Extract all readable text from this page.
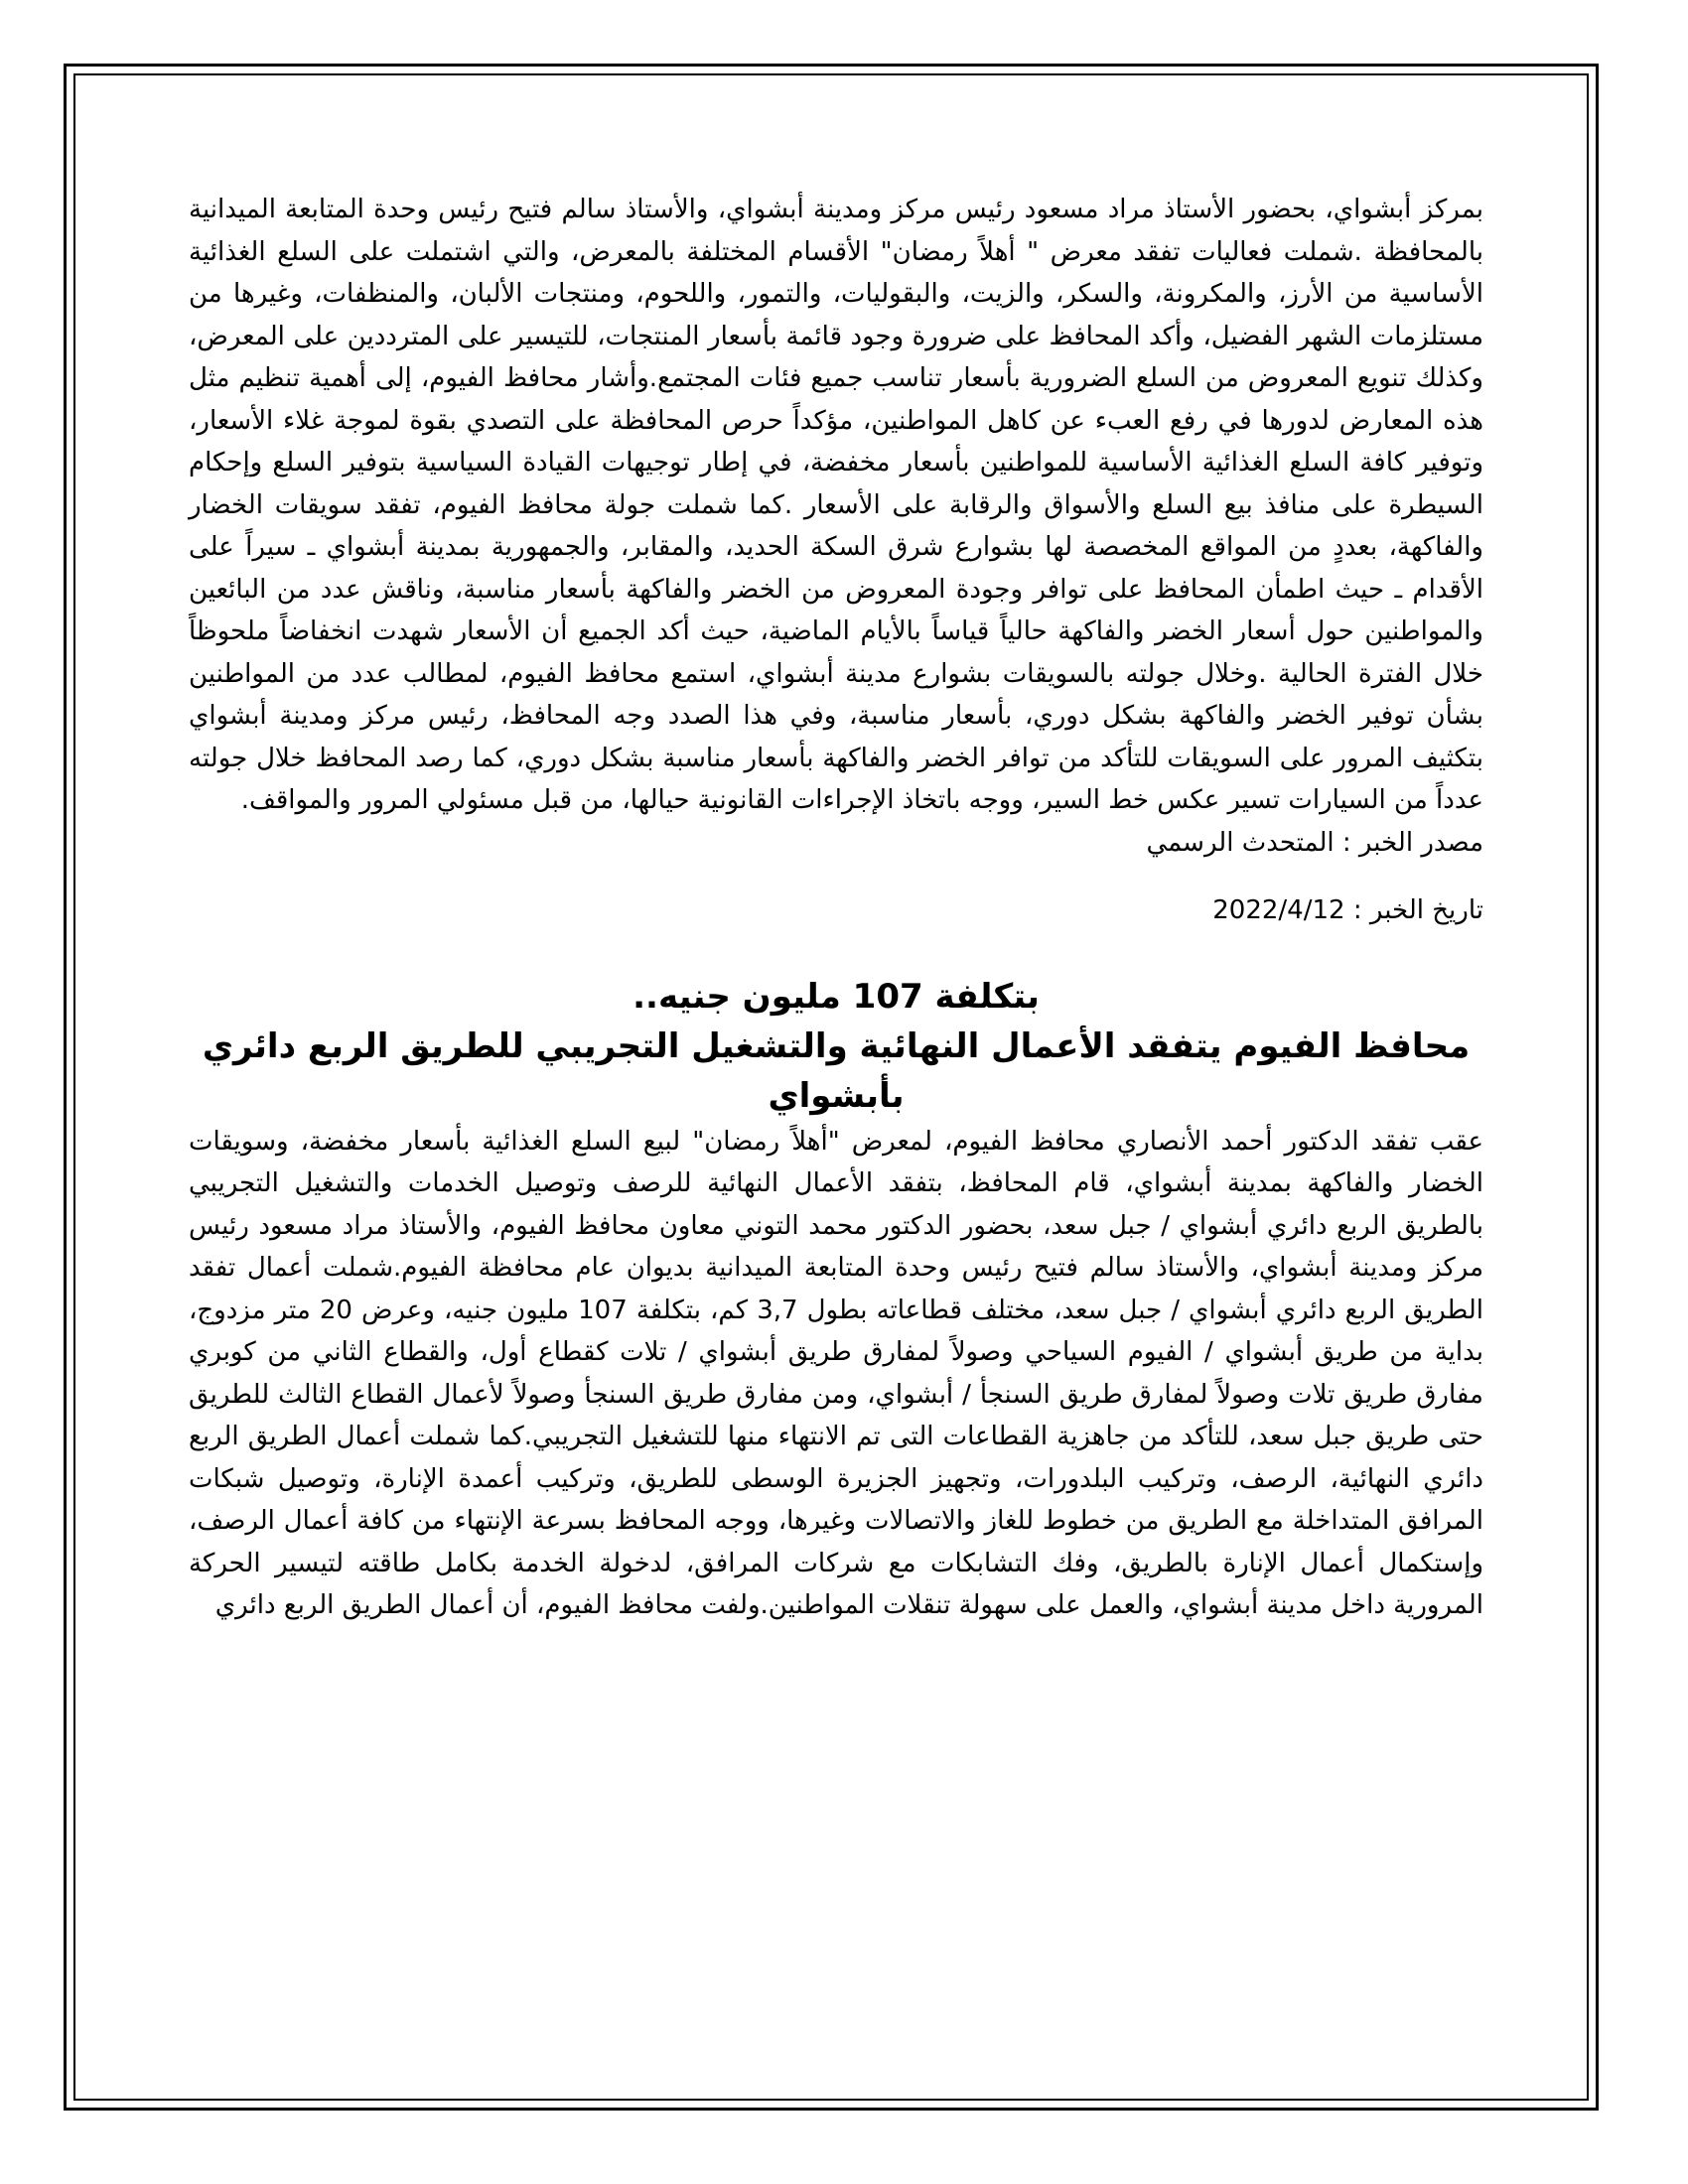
بمركز أبشواي، بحضور الأستاذ مراد مسعود رئيس مركز ومدينة أبشواي، والأستاذ سالم فتيح رئيس وحدة المتابعة الميدانية بالمحافظة .شملت فعاليات تفقد معرض " أهلاً رمضان" الأقسام المختلفة بالمعرض، والتي اشتملت على السلع الغذائية الأساسية من الأرز، والمكرونة، والسكر، والزيت، والبقوليات، والتمور، واللحوم، ومنتجات الألبان، والمنظفات، وغيرها من مستلزمات الشهر الفضيل، وأكد المحافظ على ضرورة وجود قائمة بأسعار المنتجات، للتيسير على المترددين على المعرض، وكذلك تنويع المعروض من السلع الضرورية بأسعار تناسب جميع فئات المجتمع.وأشار محافظ الفيوم، إلى أهمية تنظيم مثل هذه المعارض لدورها في رفع العبء عن كاهل المواطنين، مؤكداً حرص المحافظة على التصدي بقوة لموجة غلاء الأسعار، وتوفير كافة السلع الغذائية الأساسية للمواطنين بأسعار مخفضة، في إطار توجيهات القيادة السياسية بتوفير السلع وإحكام السيطرة على منافذ بيع السلع والأسواق والرقابة على الأسعار .كما شملت جولة محافظ الفيوم، تفقد سويقات الخضار والفاكهة، بعددٍ من المواقع المخصصة لها بشوارع شرق السكة الحديد، والمقابر، والجمهورية بمدينة أبشواي ـ سيراً على الأقدام ـ حيث اطمأن المحافظ على توافر وجودة المعروض من الخضر والفاكهة بأسعار مناسبة، وناقش عدد من البائعين والمواطنين حول أسعار الخضر والفاكهة حالياً قياساً بالأيام الماضية، حيث أكد الجميع أن الأسعار شهدت انخفاضاً ملحوظاً خلال الفترة الحالية .وخلال جولته بالسويقات بشوارع مدينة أبشواي، استمع محافظ الفيوم، لمطالب عدد من المواطنين بشأن توفير الخضر والفاكهة بشكل دوري، بأسعار مناسبة، وفي هذا الصدد وجه المحافظ، رئيس مركز ومدينة أبشواي بتكثيف المرور على السويقات للتأكد من توافر الخضر والفاكهة بأسعار مناسبة بشكل دوري، كما رصد المحافظ خلال جولته عدداً من السيارات تسير عكس خط السير، ووجه باتخاذ الإجراءات القانونية حيالها، من قبل مسئولي المرور والمواقف.

مصدر الخبر : المتحدث الرسمي

تاريخ الخبر : 2022/4/12

بتكلفة 107 مليون جنيه..
محافظ الفيوم يتفقد الأعمال النهائية والتشغيل التجريبي للطريق الربع دائري
بأبشواي

عقب تفقد الدكتور أحمد الأنصاري محافظ الفيوم، لمعرض "أهلاً رمضان" لبيع السلع الغذائية بأسعار مخفضة، وسويقات الخضار والفاكهة بمدينة أبشواي، قام المحافظ، بتفقد الأعمال النهائية للرصف وتوصيل الخدمات والتشغيل التجريبي بالطريق الربع دائري أبشواي / جبل سعد، بحضور الدكتور محمد التوني معاون محافظ الفيوم، والأستاذ مراد مسعود رئيس مركز ومدينة أبشواي، والأستاذ سالم فتيح رئيس وحدة المتابعة الميدانية بديوان عام محافظة الفيوم.شملت أعمال تفقد الطريق الربع دائري أبشواي / جبل سعد، مختلف قطاعاته بطول 3,7 كم، بتكلفة 107 مليون جنيه، وعرض 20 متر مزدوج، بداية من طريق أبشواي / الفيوم السياحي وصولاً لمفارق طريق أبشواي / تلات كقطاع أول، والقطاع الثاني من كوبري مفارق طريق تلات وصولاً لمفارق طريق السنجأ / أبشواي، ومن مفارق طريق السنجأ وصولاً لأعمال القطاع الثالث للطريق حتى طريق جبل سعد، للتأكد من جاهزية القطاعات التى تم الانتهاء منها للتشغيل التجريبي.كما شملت أعمال الطريق الربع دائري النهائية، الرصف، وتركيب البلدورات، وتجهيز الجزيرة الوسطى للطريق، وتركيب أعمدة الإنارة، وتوصيل شبكات المرافق المتداخلة مع الطريق من خطوط للغاز والاتصالات وغيرها، ووجه المحافظ بسرعة الإنتهاء من كافة أعمال الرصف، وإستكمال أعمال الإنارة بالطريق، وفك التشابكات مع شركات المرافق، لدخولة الخدمة بكامل طاقته لتيسير الحركة المرورية داخل مدينة أبشواي، والعمل على سهولة تنقلات المواطنين.ولفت محافظ الفيوم، أن أعمال الطريق الربع دائري
